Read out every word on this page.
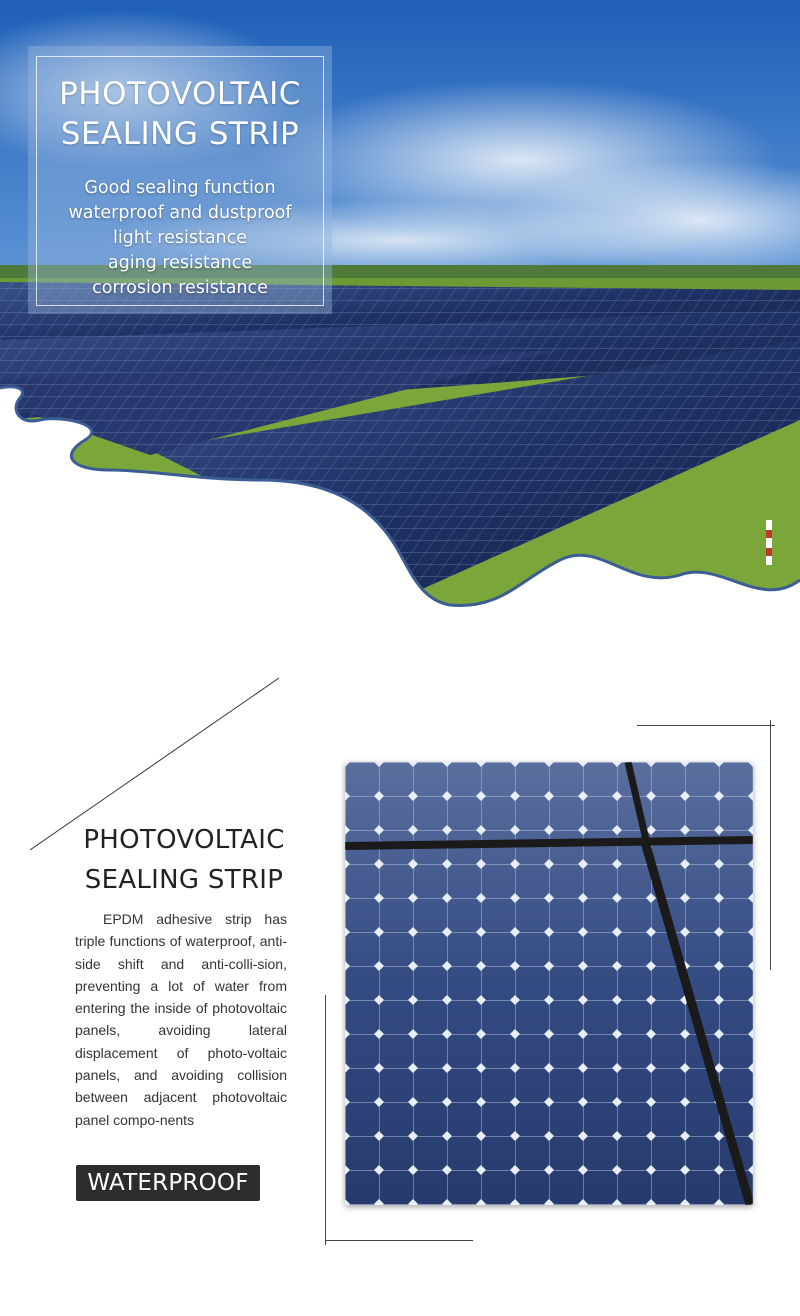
PHOTOVOLTAIC
SEALING STRIP
Good sealing function
waterproof and dustproof
light resistance
aging resistance
corrosion resistance
PHOTOVOLTAIC
SEALING STRIP
EPDM adhesive strip has triple functions of waterproof, anti-side shift and anti-colli-sion, preventing a lot of water from entering the inside of photovoltaic panels, avoiding lateral displacement of photo-voltaic panels, and avoiding collision between adjacent photovoltaic panel compo-nents
WATERPROOF
